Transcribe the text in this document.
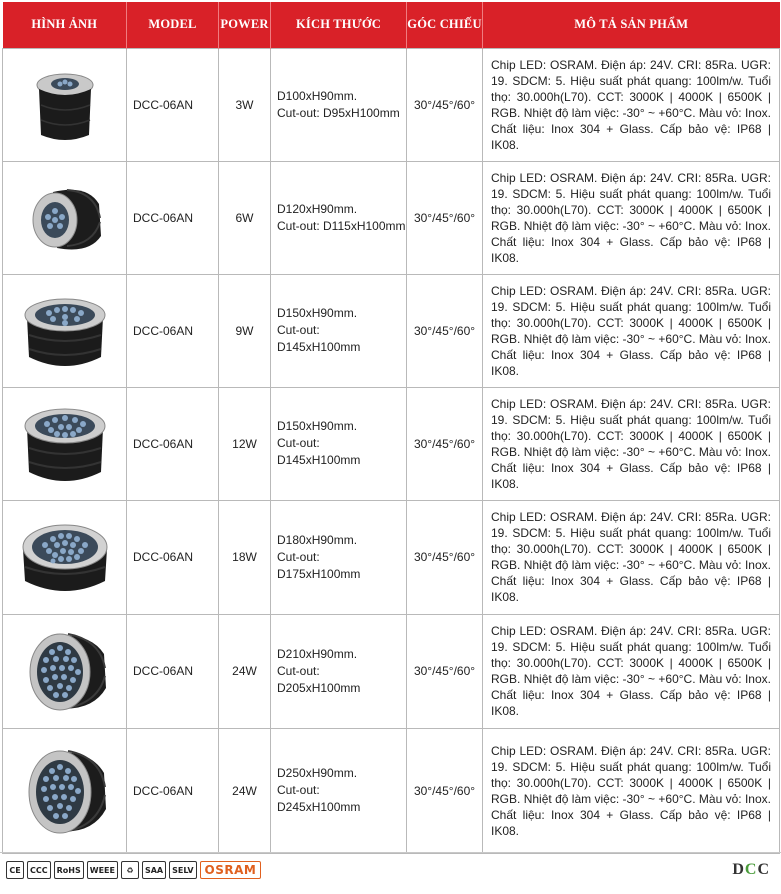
HÌNH ẢNH	MODEL	POWER	KÍCH THƯỚC	GÓC CHIẾU	MÔ TẢ SẢN PHẨM

	DCC-06AN	3W	D100xH90mm.
Cut-out: D95xH100mm	30°/45°/60°	Chip LED: OSRAM. Điện áp: 24V. CRI: 85Ra. UGR: 19. SDCM: 5. Hiệu suất phát quang: 100lm/w. Tuổi thọ: 30.000h(L70). CCT: 3000K | 4000K | 6500K | RGB. Nhiệt độ làm việc: -30° ~ +60°C. Màu vỏ: Inox. Chất liệu: Inox 304 + Glass. Cấp bảo vệ: IP68 | IK08.

	DCC-06AN	6W	D120xH90mm.
Cut-out: D115xH100mm	30°/45°/60°	Chip LED: OSRAM. Điện áp: 24V. CRI: 85Ra. UGR: 19. SDCM: 5. Hiệu suất phát quang: 100lm/w. Tuổi thọ: 30.000h(L70). CCT: 3000K | 4000K | 6500K | RGB. Nhiệt độ làm việc: -30° ~ +60°C. Màu vỏ: Inox. Chất liệu: Inox 304 + Glass. Cấp bảo vệ: IP68 | IK08.

	DCC-06AN	9W	D150xH90mm.
Cut-out: D145xH100mm	30°/45°/60°	Chip LED: OSRAM. Điện áp: 24V. CRI: 85Ra. UGR: 19. SDCM: 5. Hiệu suất phát quang: 100lm/w. Tuổi thọ: 30.000h(L70). CCT: 3000K | 4000K | 6500K | RGB. Nhiệt độ làm việc: -30° ~ +60°C. Màu vỏ: Inox. Chất liệu: Inox 304 + Glass. Cấp bảo vệ: IP68 | IK08.

	DCC-06AN	12W	D150xH90mm.
Cut-out: D145xH100mm	30°/45°/60°	Chip LED: OSRAM. Điện áp: 24V. CRI: 85Ra. UGR: 19. SDCM: 5. Hiệu suất phát quang: 100lm/w. Tuổi thọ: 30.000h(L70). CCT: 3000K | 4000K | 6500K | RGB. Nhiệt độ làm việc: -30° ~ +60°C. Màu vỏ: Inox. Chất liệu: Inox 304 + Glass. Cấp bảo vệ: IP68 | IK08.

	DCC-06AN	18W	D180xH90mm.
Cut-out: D175xH100mm	30°/45°/60°	Chip LED: OSRAM. Điện áp: 24V. CRI: 85Ra. UGR: 19. SDCM: 5. Hiệu suất phát quang: 100lm/w. Tuổi thọ: 30.000h(L70). CCT: 3000K | 4000K | 6500K | RGB. Nhiệt độ làm việc: -30° ~ +60°C. Màu vỏ: Inox. Chất liệu: Inox 304 + Glass. Cấp bảo vệ: IP68 | IK08.

	DCC-06AN	24W	D210xH90mm.
Cut-out: D205xH100mm	30°/45°/60°	Chip LED: OSRAM. Điện áp: 24V. CRI: 85Ra. UGR: 19. SDCM: 5. Hiệu suất phát quang: 100lm/w. Tuổi thọ: 30.000h(L70). CCT: 3000K | 4000K | 6500K | RGB. Nhiệt độ làm việc: -30° ~ +60°C. Màu vỏ: Inox. Chất liệu: Inox 304 + Glass. Cấp bảo vệ: IP68 | IK08.

	DCC-06AN	24W	D250xH90mm.
Cut-out: D245xH100mm	30°/45°/60°	Chip LED: OSRAM. Điện áp: 24V. CRI: 85Ra. UGR: 19. SDCM: 5. Hiệu suất phát quang: 100lm/w. Tuổi thọ: 30.000h(L70). CCT: 3000K | 4000K | 6500K | RGB. Nhiệt độ làm việc: -30° ~ +60°C. Màu vỏ: Inox. Chất liệu: Inox 304 + Glass. Cấp bảo vệ: IP68 | IK08.
CE	CCC	RoHS	WEEE	♻	SAA	SELV OSRAM	D C C
